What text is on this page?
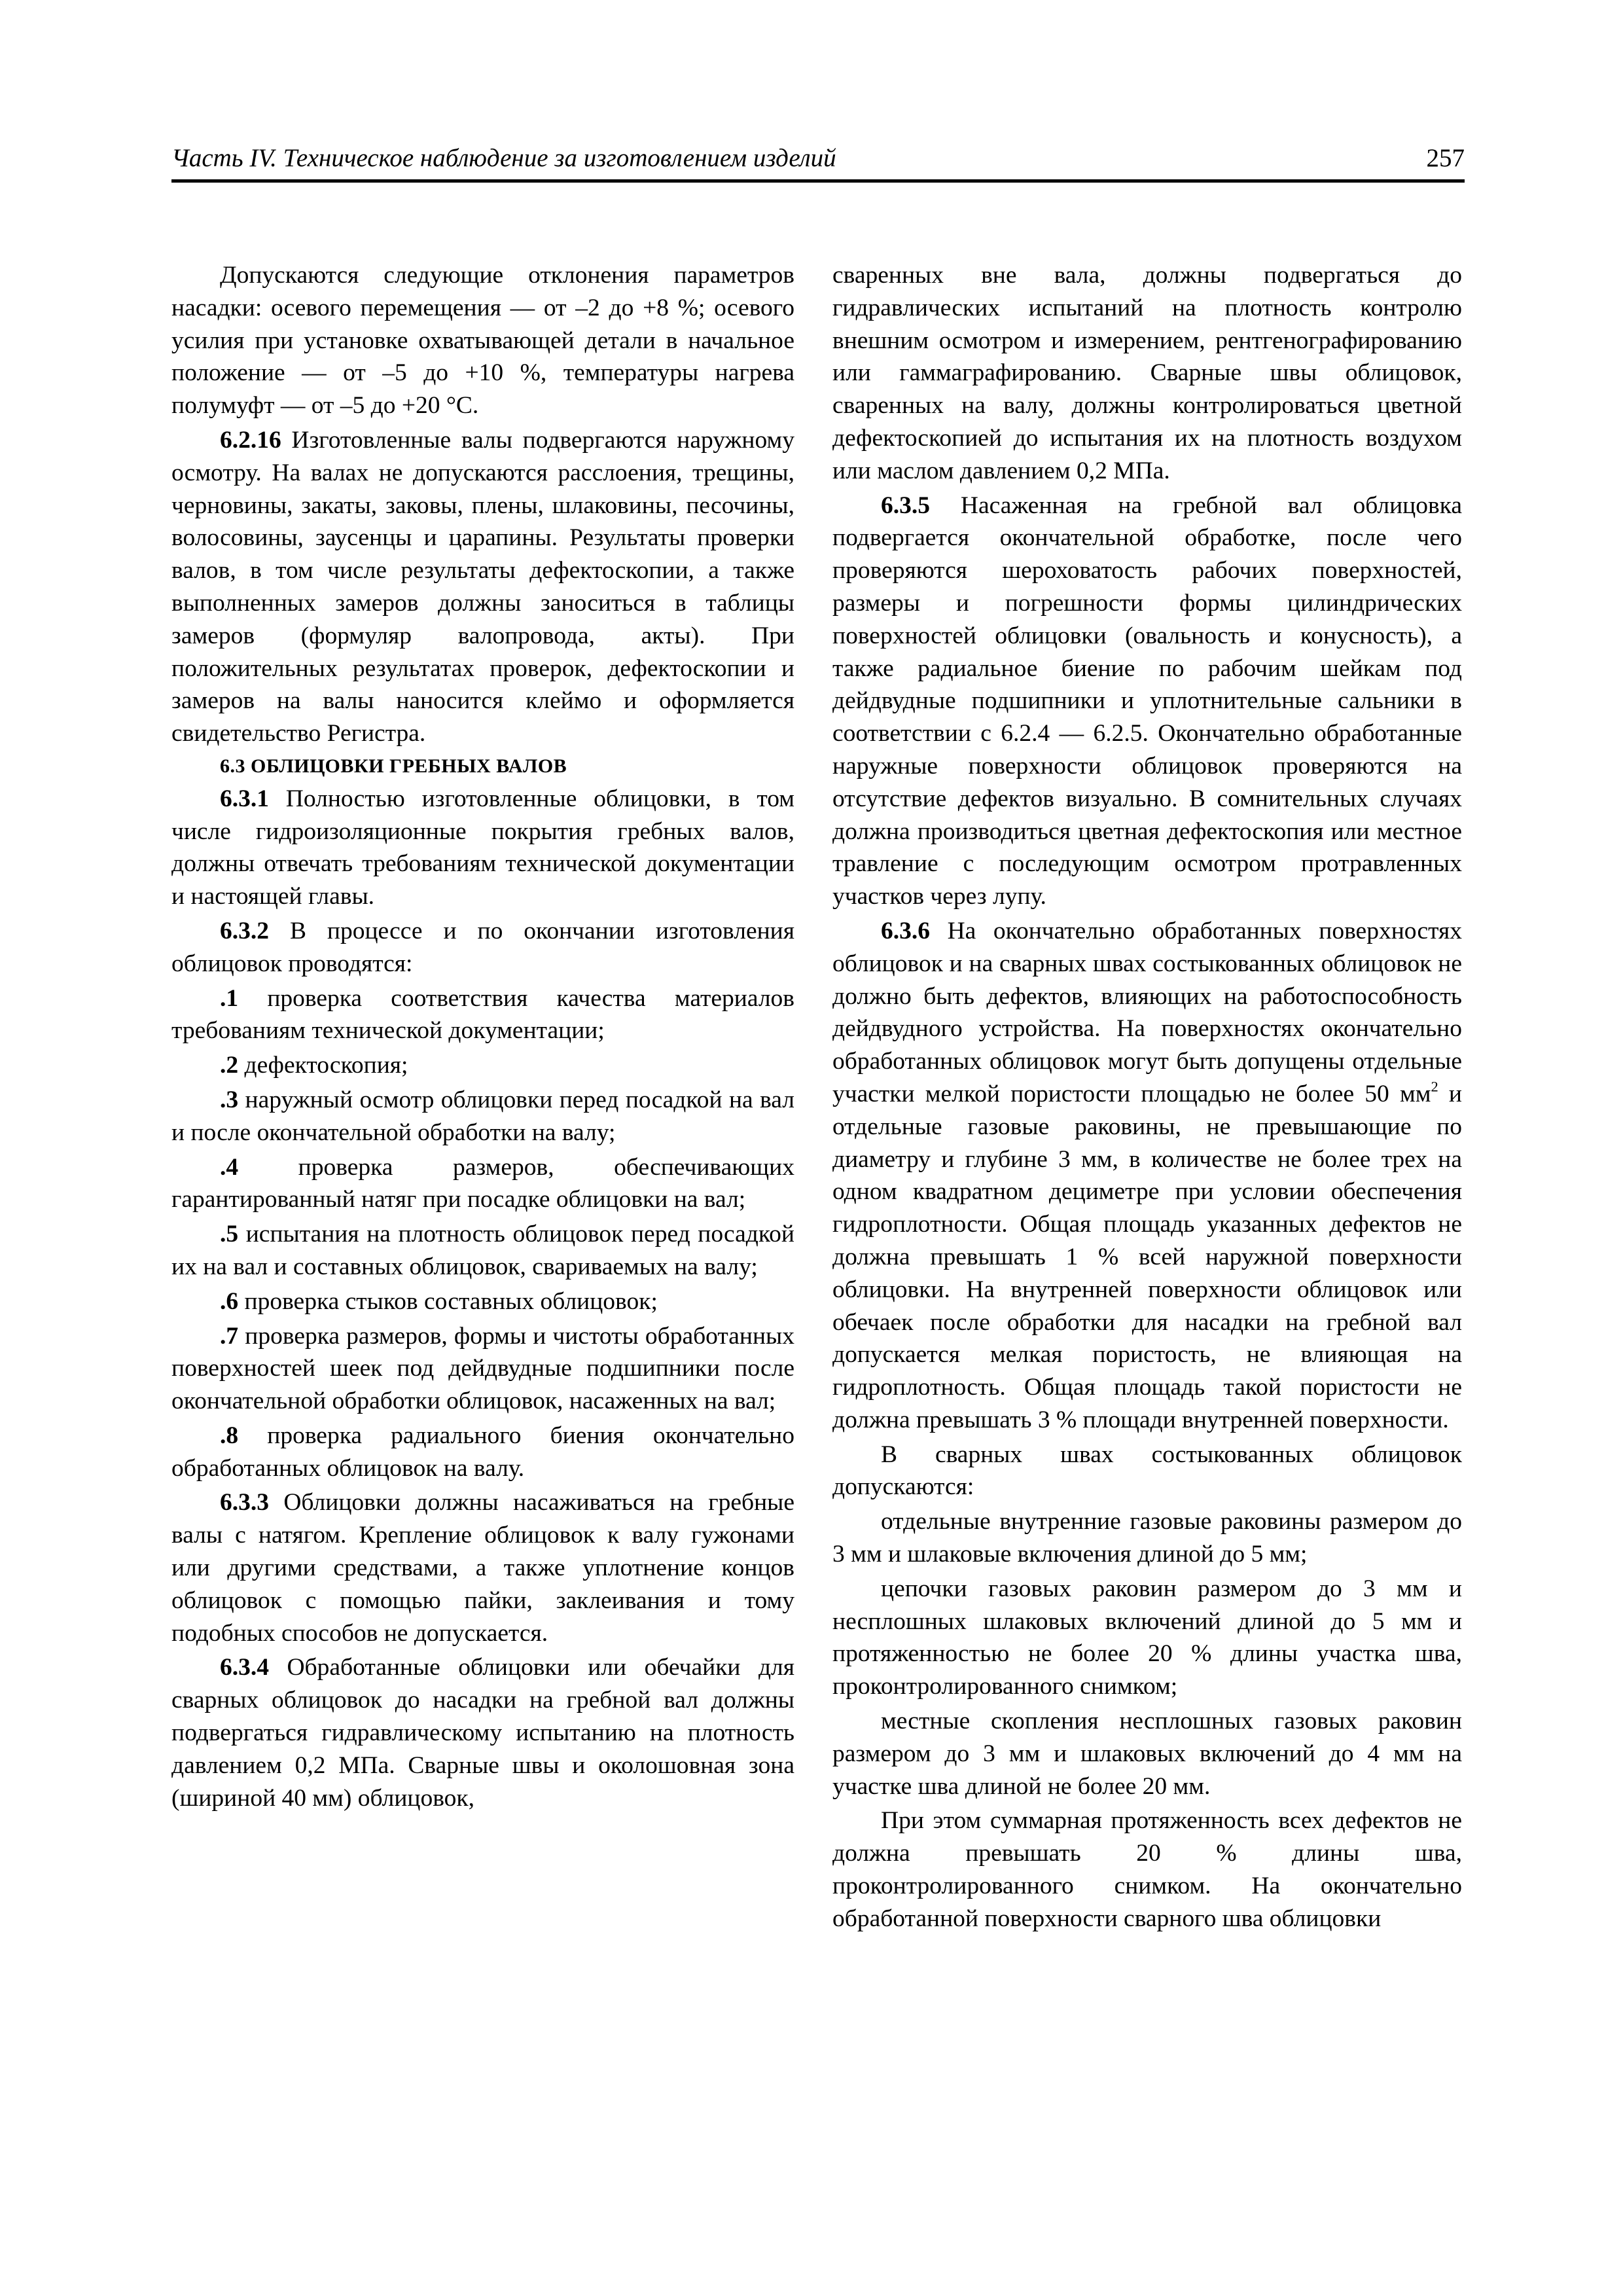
Часть IV. Техническое наблюдение за изготовлением изделий	257

Допускаются следующие отклонения параметров насадки: осевого перемещения — от –2 до +8 %; осевого усилия при установке охватывающей детали в начальное положение — от –5 до +10 %, температуры нагрева полумуфт — от –5 до +20 °С.

6.2.16 Изготовленные валы подвергаются наружному осмотру. На валах не допускаются расслоения, трещины, черновины, закаты, заковы, плены, шлаковины, песочины, волосовины, заусенцы и царапины. Результаты проверки валов, в том числе результаты дефектоскопии, а также выполненных замеров должны заноситься в таблицы замеров (формуляр валопровода, акты). При положительных результатах проверок, дефектоскопии и замеров на валы наносится клеймо и оформляется свидетельство Регистра.

6.3 ОБЛИЦОВКИ ГРЕБНЫХ ВАЛОВ

6.3.1 Полностью изготовленные облицовки, в том числе гидроизоляционные покрытия гребных валов, должны отвечать требованиям технической документации и настоящей главы.

6.3.2 В процессе и по окончании изготовления облицовок проводятся:

.1 проверка соответствия качества материалов требованиям технической документации;

.2 дефектоскопия;

.3 наружный осмотр облицовки перед посадкой на вал и после окончательной обработки на валу;

.4 проверка размеров, обеспечивающих гарантированный натяг при посадке облицовки на вал;

.5 испытания на плотность облицовок перед посадкой их на вал и составных облицовок, свариваемых на валу;

.6 проверка стыков составных облицовок;

.7 проверка размеров, формы и чистоты обработанных поверхностей шеек под дейдвудные подшипники после окончательной обработки облицовок, насаженных на вал;

.8 проверка радиального биения окончательно обработанных облицовок на валу.

6.3.3 Облицовки должны насаживаться на гребные валы с натягом. Крепление облицовок к валу гужонами или другими средствами, а также уплотнение концов облицовок с помощью пайки, заклеивания и тому подобных способов не допускается.

6.3.4 Обработанные облицовки или обечайки для сварных облицовок до насадки на гребной вал должны подвергаться гидравлическому испытанию на плотность давлением 0,2 МПа. Сварные швы и околошовная зона (шириной 40 мм) облицовок,

сваренных вне вала, должны подвергаться до гидравлических испытаний на плотность контролю внешним осмотром и измерением, рентгенографированию или гаммаграфированию. Сварные швы облицовок, сваренных на валу, должны контролироваться цветной дефектоскопией до испытания их на плотность воздухом или маслом давлением 0,2 МПа.

6.3.5 Насаженная на гребной вал облицовка подвергается окончательной обработке, после чего проверяются шероховатость рабочих поверхностей, размеры и погрешности формы цилиндрических поверхностей облицовки (овальность и конусность), а также радиальное биение по рабочим шейкам под дейдвудные подшипники и уплотнительные сальники в соответствии с 6.2.4 — 6.2.5. Окончательно обработанные наружные поверхности облицовок проверяются на отсутствие дефектов визуально. В сомнительных случаях должна производиться цветная дефектоскопия или местное травление с последующим осмотром протравленных участков через лупу.

6.3.6 На окончательно обработанных поверхностях облицовок и на сварных швах состыкованных облицовок не должно быть дефектов, влияющих на работоспособность дейдвудного устройства. На поверхностях окончательно обработанных облицовок могут быть допущены отдельные участки мелкой пористости площадью не более 50 $мм^2$ и отдельные газовые раковины, не превышающие по диаметру и глубине 3 мм, в количестве не более трех на одном квадратном дециметре при условии обеспечения гидроплотности. Общая площадь указанных дефектов не должна превышать 1 % всей наружной поверхности облицовки. На внутренней поверхности облицовок или обечаек после обработки для насадки на гребной вал допускается мелкая пористость, не влияющая на гидроплотность. Общая площадь такой пористости не должна превышать 3 % площади внутренней поверхности.

В сварных швах состыкованных облицовок допускаются:

отдельные внутренние газовые раковины размером до 3 мм и шлаковые включения длиной до 5 мм;

цепочки газовых раковин размером до 3 мм и несплошных шлаковых включений длиной до 5 мм и протяженностью не более 20 % длины участка шва, проконтролированного снимком;

местные скопления несплошных газовых раковин размером до 3 мм и шлаковых включений до 4 мм на участке шва длиной не более 20 мм.

При этом суммарная протяженность всех дефектов не должна превышать 20 % длины шва, проконтролированного снимком. На окончательно обработанной поверхности сварного шва облицовки
